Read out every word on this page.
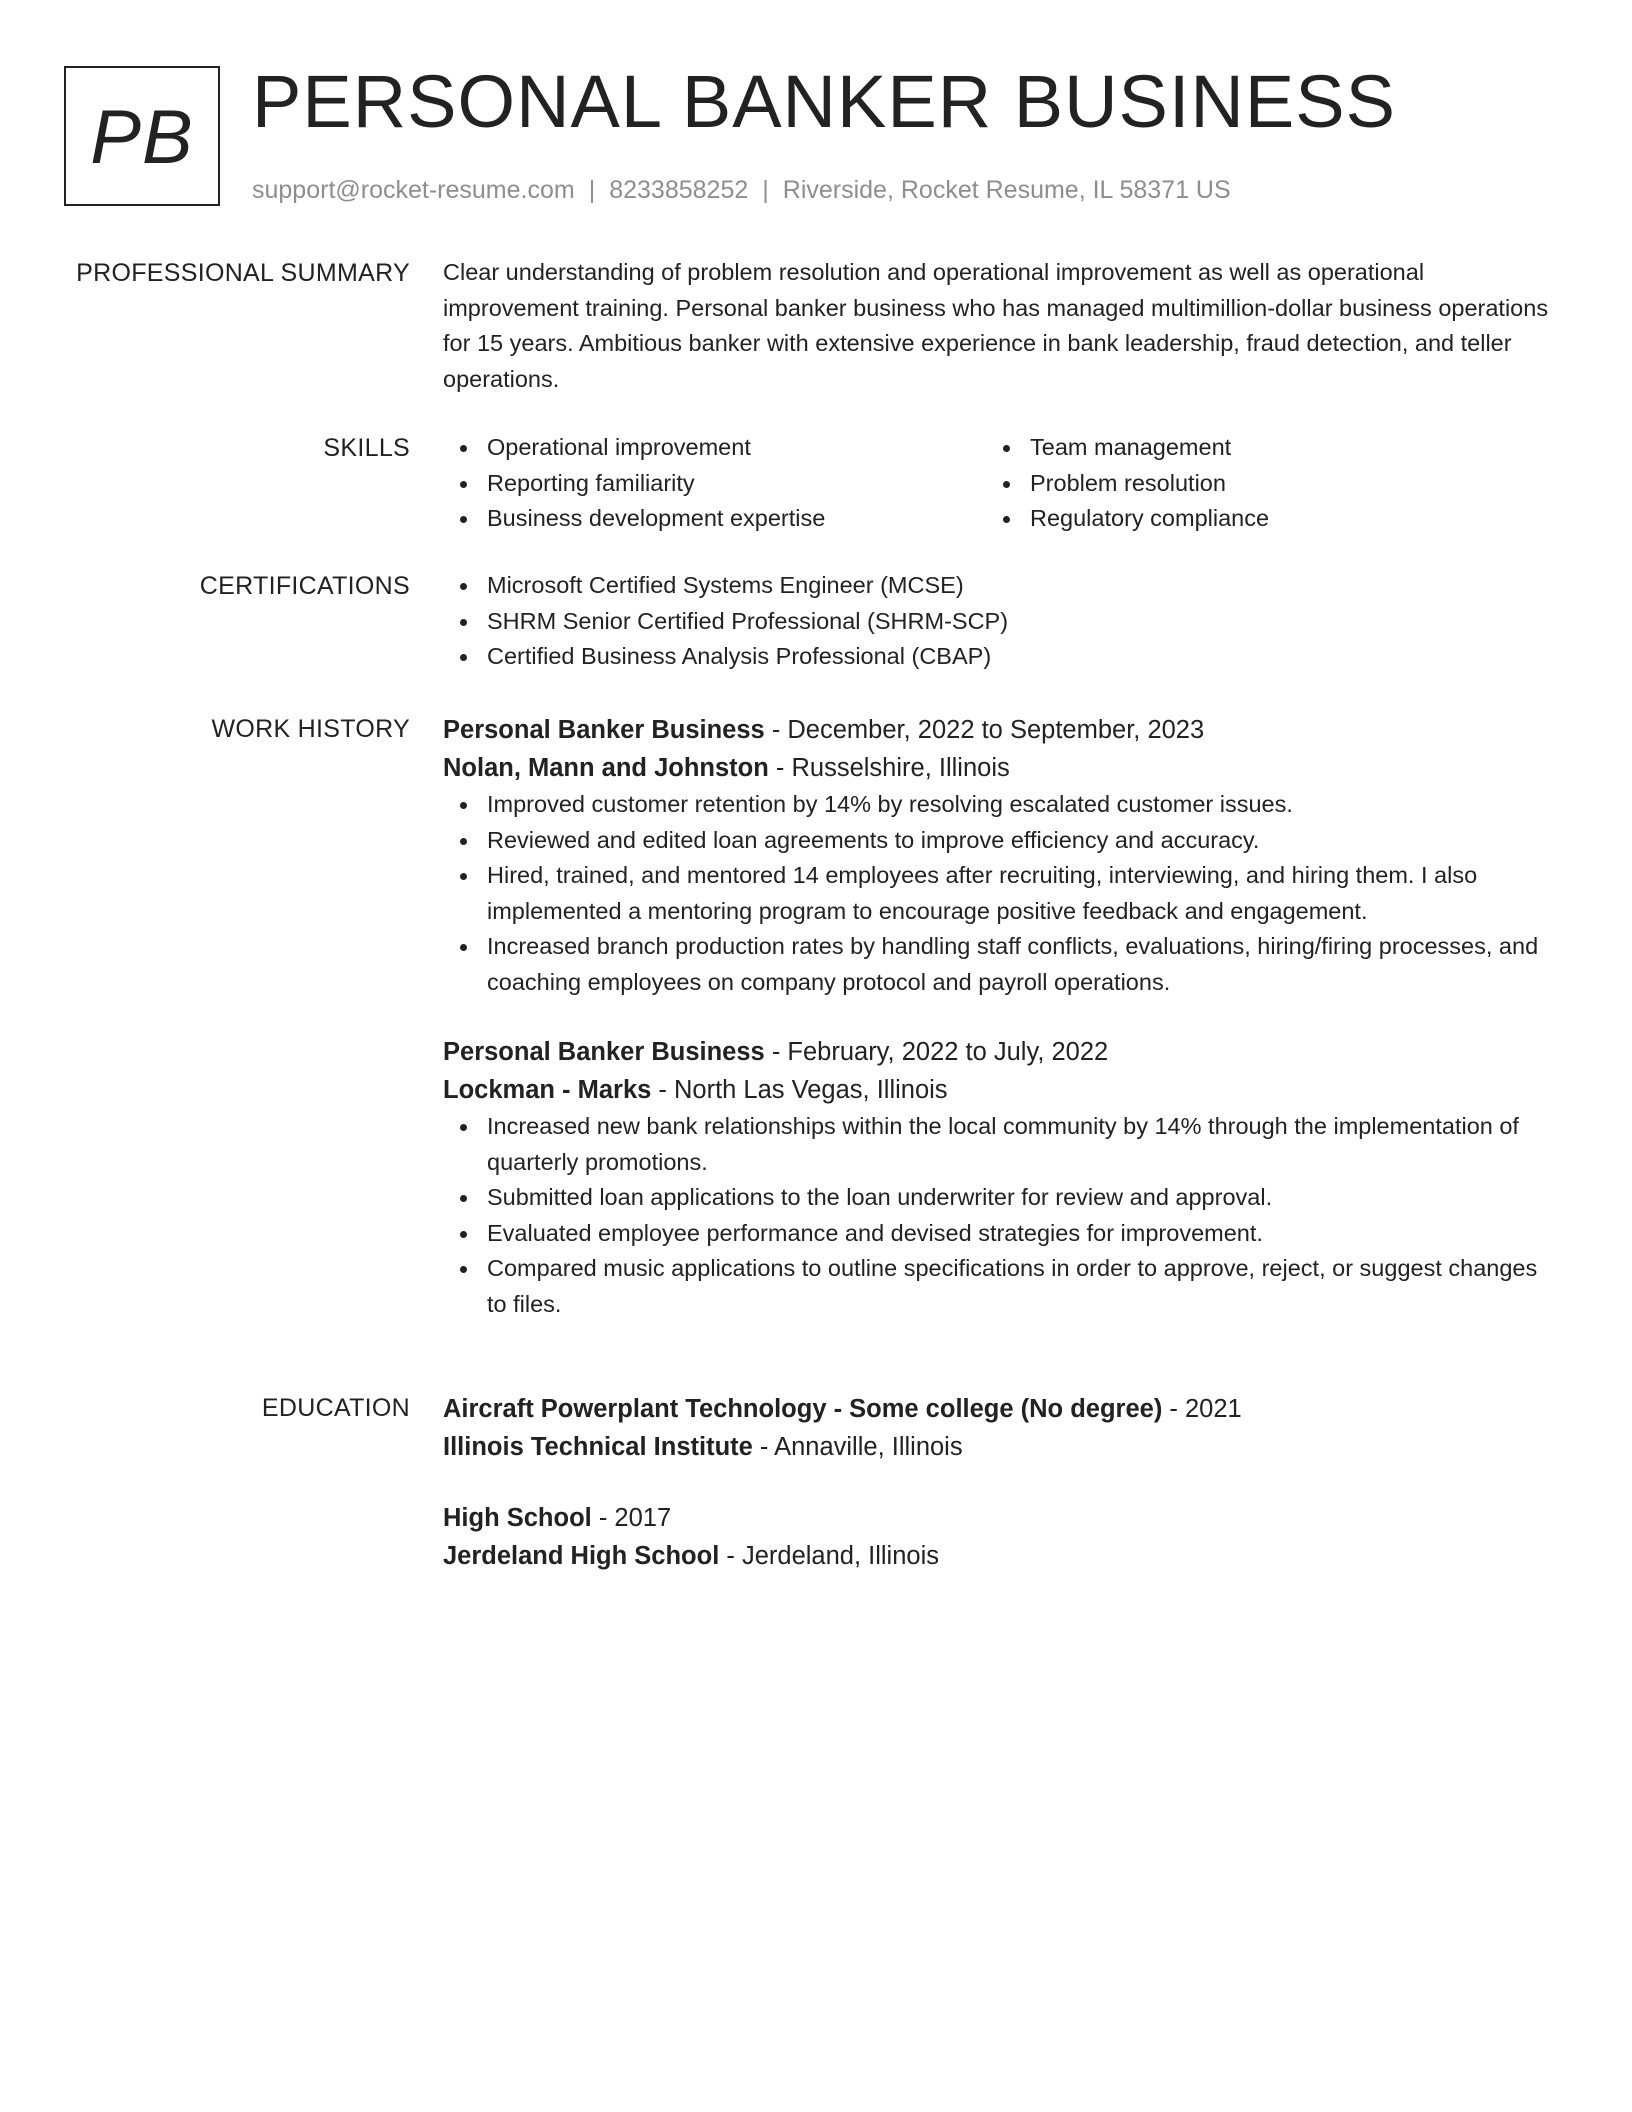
PB PERSONAL BANKER BUSINESS
support@rocket-resume.com | 8233858252 | Riverside, Rocket Resume, IL 58371 US
PROFESSIONAL SUMMARY Clear understanding of problem resolution and operational improvement as well as operational improvement training. Personal banker business who has managed multimillion-dollar business operations for 15 years. Ambitious banker with extensive experience in bank leadership, fraud detection, and teller operations.

SKILLS	Operational improvement
Reporting familiarity
Business development expertise
Team management
Problem resolution
Regulatory compliance
CERTIFICATIONS	Microsoft Certified Systems Engineer (MCSE)
SHRM Senior Certified Professional (SHRM-SCP)
Certified Business Analysis Professional (CBAP)
WORK HISTORY Personal Banker Business - December, 2022 to September, 2023
Nolan, Mann and Johnston - Russelshire, Illinois
Improved customer retention by 14% by resolving escalated customer issues.
Reviewed and edited loan agreements to improve efficiency and accuracy.
Hired, trained, and mentored 14 employees after recruiting, interviewing, and hiring them. I also implemented a mentoring program to encourage positive feedback and engagement.
Increased branch production rates by handling staff conflicts, evaluations, hiring/firing processes, and coaching employees on company protocol and payroll operations.
Personal Banker Business - February, 2022 to July, 2022
Lockman - Marks - North Las Vegas, Illinois
Increased new bank relationships within the local community by 14% through the implementation of quarterly promotions.
Submitted loan applications to the loan underwriter for review and approval.
Evaluated employee performance and devised strategies for improvement.
Compared music applications to outline specifications in order to approve, reject, or suggest changes to files.
EDUCATION Aircraft Powerplant Technology - Some college (No degree) - 2021
Illinois Technical Institute - Annaville, Illinois
High School - 2017
Jerdeland High School - Jerdeland, Illinois
